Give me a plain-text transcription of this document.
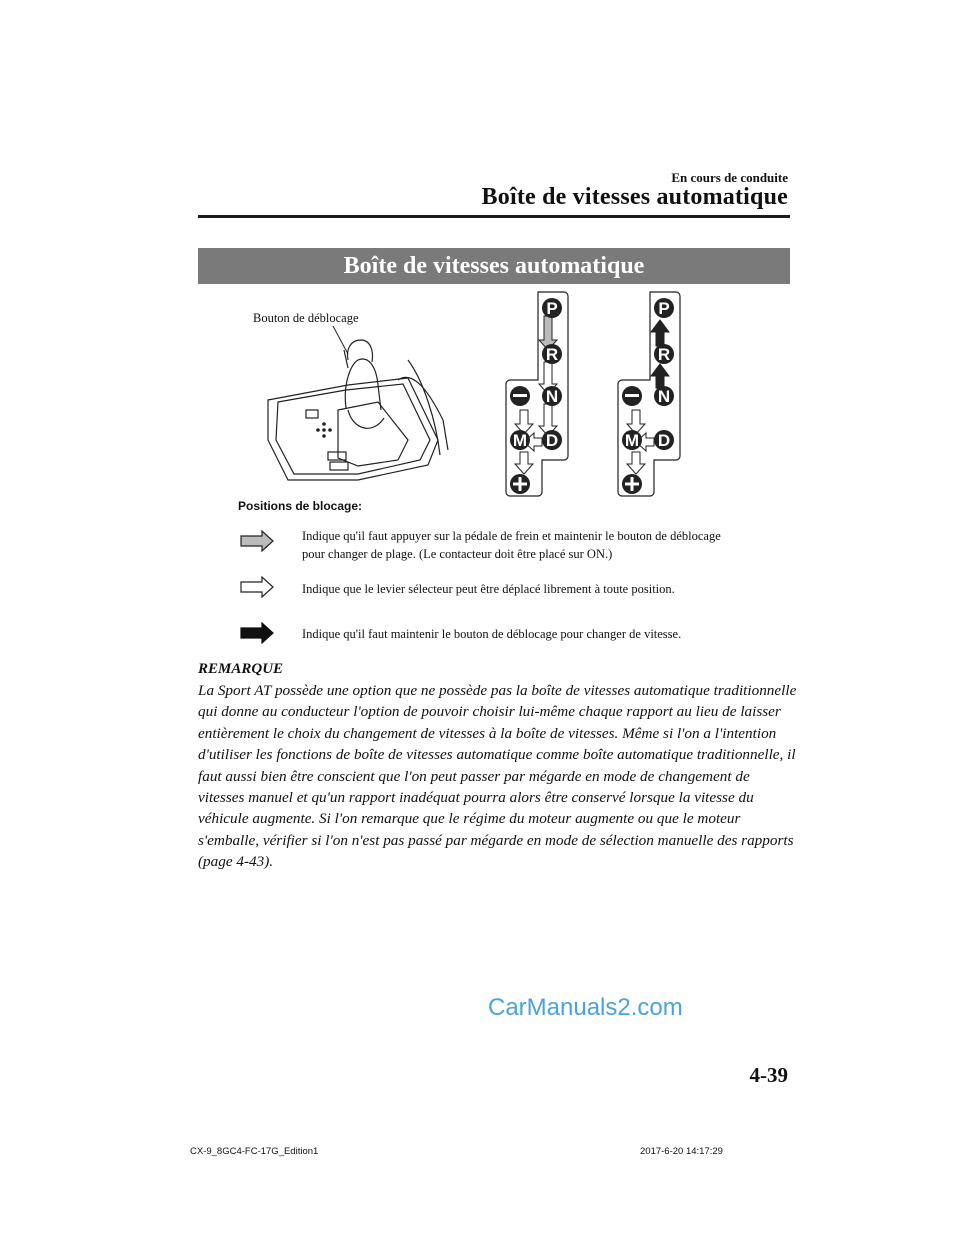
En cours de conduite
Boîte de vitesses automatique
Boîte de vitesses automatique
Bouton de déblocage	P
R
N
D
M
P
R
N
D
M
Positions de blocage:
Indique qu'il faut appuyer sur la pédale de frein et maintenir le bouton de déblocage pour changer de plage. (Le contacteur doit être placé sur ON.)
Indique que le levier sélecteur peut être déplacé librement à toute position.
Indique qu'il faut maintenir le bouton de déblocage pour changer de vitesse.
REMARQUE

La Sport AT possède une option que ne possède pas la boîte de vitesses automatique traditionnelle qui donne au conducteur l'option de pouvoir choisir lui-même chaque rapport au lieu de laisser entièrement le choix du changement de vitesses à la boîte de vitesses. Même si l'on a l'intention d'utiliser les fonctions de boîte de vitesses automatique comme boîte automatique traditionnelle, il faut aussi bien être conscient que l'on peut passer par mégarde en mode de changement de vitesses manuel et qu'un rapport inadéquat pourra alors être conservé lorsque la vitesse du véhicule augmente. Si l'on remarque que le régime du moteur augmente ou que le moteur s'emballe, vérifier si l'on n'est pas passé par mégarde en mode de sélection manuelle des rapports (page 4-43).

CarManuals2.com
4-39
CX-9_8GC4-FC-17G_Edition1	2017-6-20 14:17:29
